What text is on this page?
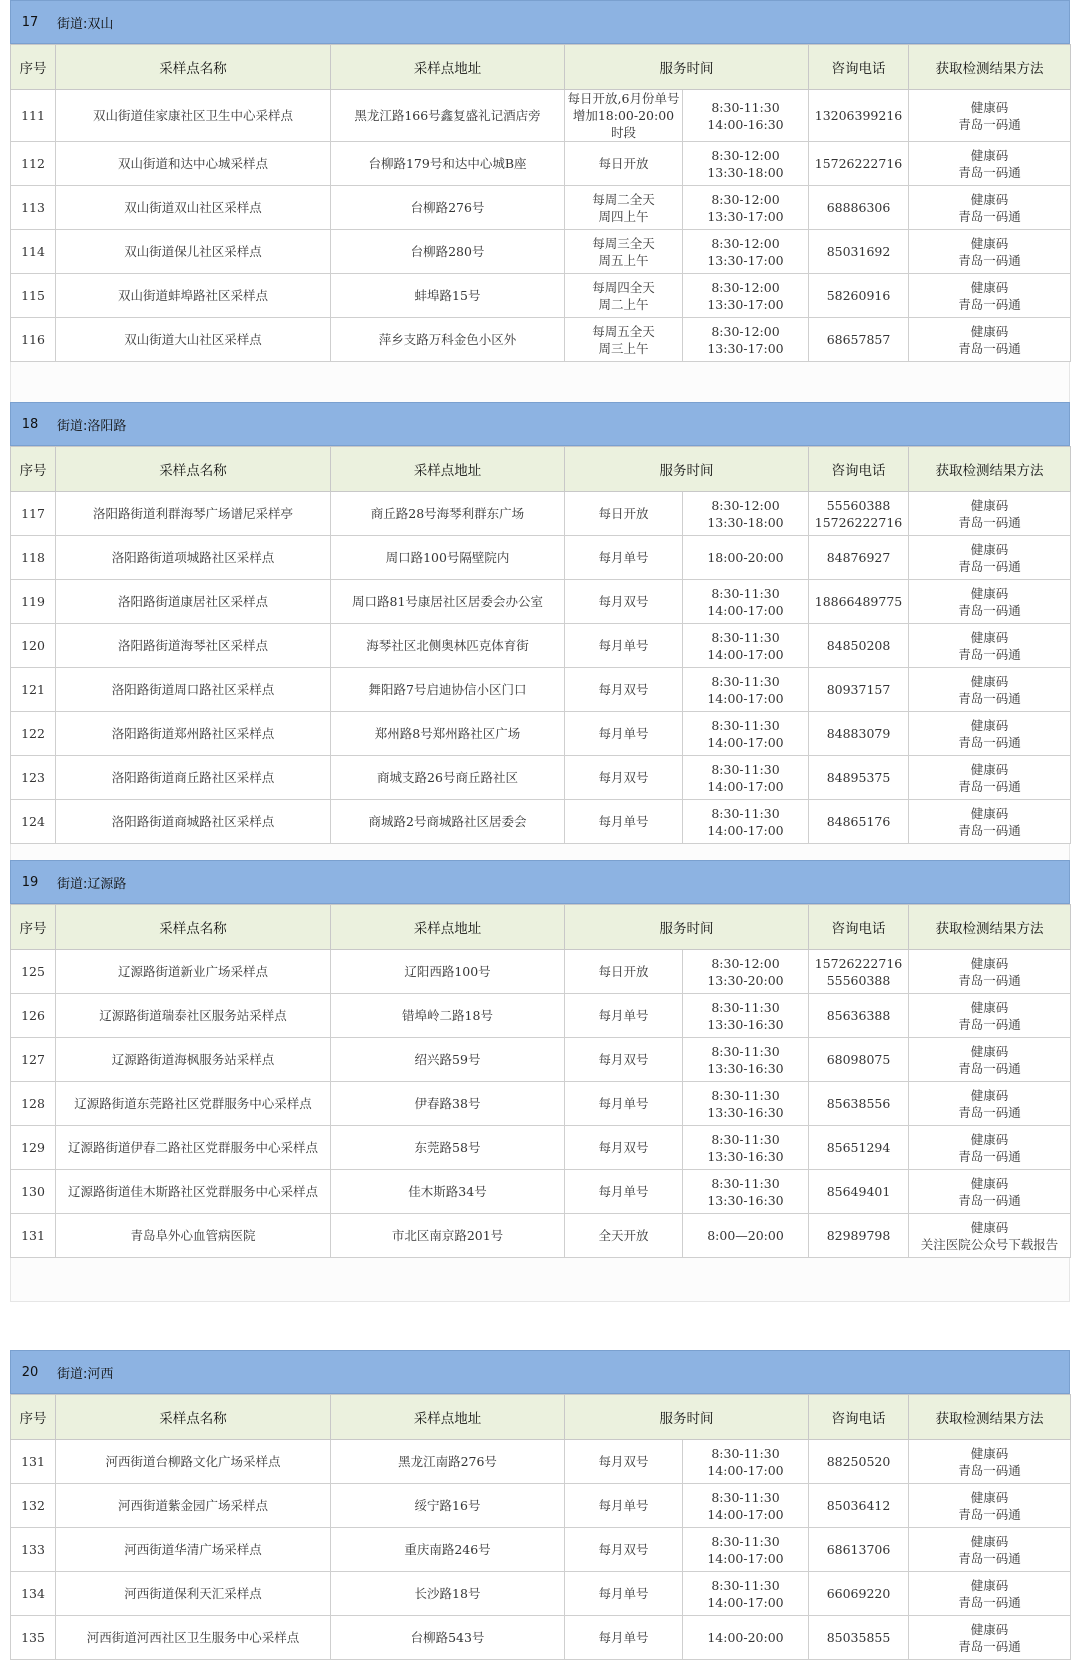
17	街道:双山
序号	采样点名称	采样点地址	服务时间		咨询电话	获取检测结果方法
111	双山街道佳家康社区卫生中心采样点	黑龙江路166号鑫复盛礼记酒店旁	每日开放,6月份单号增加18:00-20:00时段	8:30-11:30
14:00-16:30	13206399216	健康码
青岛一码通
112	双山街道和达中心城采样点	台柳路179号和达中心城B座	每日开放	8:30-12:00
13:30-18:00	15726222716	健康码
青岛一码通
113	双山街道双山社区采样点	台柳路276号	每周二全天
周四上午	8:30-12:00
13:30-17:00	68886306	健康码
青岛一码通
114	双山街道保儿社区采样点	台柳路280号	每周三全天
周五上午	8:30-12:00
13:30-17:00	85031692	健康码
青岛一码通
115	双山街道蚌埠路社区采样点	蚌埠路15号	每周四全天
周二上午	8:30-12:00
13:30-17:00	58260916	健康码
青岛一码通
116	双山街道大山社区采样点	萍乡支路万科金色小区外	每周五全天
周三上午	8:30-12:00
13:30-17:00	68657857	健康码
青岛一码通
18	街道:洛阳路
序号	采样点名称	采样点地址	服务时间		咨询电话	获取检测结果方法
117	洛阳路街道利群海琴广场谱尼采样亭	商丘路28号海琴利群东广场	每日开放	8:30-12:00
13:30-18:00	55560388
15726222716	健康码
青岛一码通
118	洛阳路街道项城路社区采样点	周口路100号隔壁院内	每月单号	18:00-20:00	84876927	健康码
青岛一码通
119	洛阳路街道康居社区采样点	周口路81号康居社区居委会办公室	每月双号	8:30-11:30
14:00-17:00	18866489775	健康码
青岛一码通
120	洛阳路街道海琴社区采样点	海琴社区北侧奥林匹克体育街	每月单号	8:30-11:30
14:00-17:00	84850208	健康码
青岛一码通
121	洛阳路街道周口路社区采样点	舞阳路7号启迪协信小区门口	每月双号	8:30-11:30
14:00-17:00	80937157	健康码
青岛一码通
122	洛阳路街道郑州路社区采样点	郑州路8号郑州路社区广场	每月单号	8:30-11:30
14:00-17:00	84883079	健康码
青岛一码通
123	洛阳路街道商丘路社区采样点	商城支路26号商丘路社区	每月双号	8:30-11:30
14:00-17:00	84895375	健康码
青岛一码通
124	洛阳路街道商城路社区采样点	商城路2号商城路社区居委会	每月单号	8:30-11:30
14:00-17:00	84865176	健康码
青岛一码通
19	街道:辽源路
序号	采样点名称	采样点地址	服务时间		咨询电话	获取检测结果方法
125	辽源路街道新业广场采样点	辽阳西路100号	每日开放	8:30-12:00
13:30-20:00	15726222716
55560388	健康码
青岛一码通
126	辽源路街道瑞泰社区服务站采样点	错埠岭二路18号	每月单号	8:30-11:30
13:30-16:30	85636388	健康码
青岛一码通
127	辽源路街道海枫服务站采样点	绍兴路59号	每月双号	8:30-11:30
13:30-16:30	68098075	健康码
青岛一码通
128	辽源路街道东莞路社区党群服务中心采样点	伊春路38号	每月单号	8:30-11:30
13:30-16:30	85638556	健康码
青岛一码通
129	辽源路街道伊春二路社区党群服务中心采样点	东莞路58号	每月双号	8:30-11:30
13:30-16:30	85651294	健康码
青岛一码通
130	辽源路街道佳木斯路社区党群服务中心采样点	佳木斯路34号	每月单号	8:30-11:30
13:30-16:30	85649401	健康码
青岛一码通
131	青岛阜外心血管病医院	市北区南京路201号	全天开放	8:00—20:00	82989798	健康码
关注医院公众号下载报告
20	街道:河西
序号	采样点名称	采样点地址	服务时间		咨询电话	获取检测结果方法
131	河西街道台柳路文化广场采样点	黑龙江南路276号	每月双号	8:30-11:30
14:00-17:00	88250520	健康码
青岛一码通
132	河西街道紫金园广场采样点	绥宁路16号	每月单号	8:30-11:30
14:00-17:00	85036412	健康码
青岛一码通
133	河西街道华清广场采样点	重庆南路246号	每月双号	8:30-11:30
14:00-17:00	68613706	健康码
青岛一码通
134	河西街道保利天汇采样点	长沙路18号	每月单号	8:30-11:30
14:00-17:00	66069220	健康码
青岛一码通
135	河西街道河西社区卫生服务中心采样点	台柳路543号	每月单号	14:00-20:00	85035855	健康码
青岛一码通
